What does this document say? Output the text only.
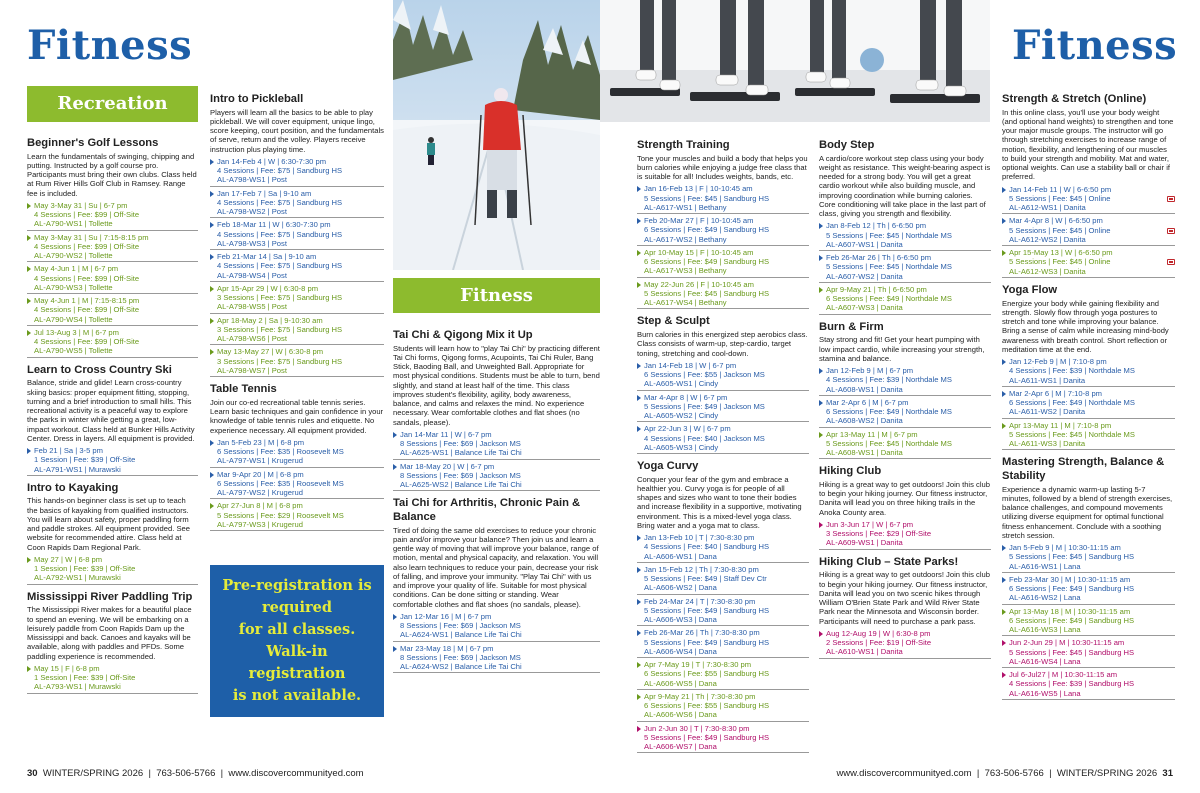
Fitness
Recreation
Beginner's Golf Lessons

Learn the fundamentals of swinging, chipping and putting. Instructed by a golf course pro. Participants must bring their own clubs. Class held at Rum River Hills Golf Club in Ramsey. Range fee is included.

May 3-May 31 | Su | 6-7 pm
4 Sessions | Fee: $99 | Off-Site
AL-A790-WS1 | Tollette
May 3-May 31 | Su | 7:15-8:15 pm
4 Sessions | Fee: $99 | Off-Site
AL-A790-WS2 | Tollette
May 4-Jun 1 | M | 6-7 pm
4 Sessions | Fee: $99 | Off-Site
AL-A790-WS3 | Tollette
May 4-Jun 1 | M | 7:15-8:15 pm
4 Sessions | Fee: $99 | Off-Site
AL-A790-WS4 | Tollette
Jul 13-Aug 3 | M | 6-7 pm
4 Sessions | Fee: $99 | Off-Site
AL-A790-WS5 | Tollette
Learn to Cross Country Ski

Balance, stride and glide! Learn cross-country skiing basics: proper equipment fitting, stopping, turning and a brief introduction to small hills. This recreational activity is a peaceful way to explore the parks in winter while getting a great, low-impact workout. Class held at Bunker Hills Activity Center. Dress in layers. All equipment is provided.

Feb 21 | Sa | 3-5 pm
1 Session | Fee: $39 | Off-Site
AL-A791-WS1 | Murawski
Intro to Kayaking

This hands-on beginner class is set up to teach the basics of kayaking from qualified instructors. You will learn about safety, proper paddling form and paddle strokes. All equipment provided. See website for recommended attire. Class held at Coon Rapids Dam Regional Park.

May 27 | W | 6-8 pm
1 Session | Fee: $39 | Off-Site
AL-A792-WS1 | Murawski
Mississippi River Paddling Trip

The Mississippi River makes for a beautiful place to spend an evening. We will be embarking on a leisurely paddle from Coon Rapids Dam up the Mississippi and back. Canoes and kayaks will be available, along with paddles and PFDs. Some paddling experience is recommended.

May 15 | F | 6-8 pm
1 Session | Fee: $39 | Off-Site
AL-A793-WS1 | Murawski
Intro to Pickleball

Players will learn all the basics to be able to play pickleball. We will cover equipment, unique lingo, score keeping, court position, and the fundamentals of serve, return and the volley. Players receive instruction plus playing time.

Jan 14-Feb 4 | W | 6:30-7:30 pm
4 Sessions | Fee: $75 | Sandburg HS
AL-A798-WS1 | Post
Jan 17-Feb 7 | Sa | 9-10 am
4 Sessions | Fee: $75 | Sandburg HS
AL-A798-WS2 | Post
Feb 18-Mar 11 | W | 6:30-7:30 pm
4 Sessions | Fee: $75 | Sandburg HS
AL-A798-WS3 | Post
Feb 21-Mar 14 | Sa | 9-10 am
4 Sessions | Fee: $75 | Sandburg HS
AL-A798-WS4 | Post
Apr 15-Apr 29 | W | 6:30-8 pm
3 Sessions | Fee: $75 | Sandburg HS
AL-A798-WS5 | Post
Apr 18-May 2 | Sa | 9-10:30 am
3 Sessions | Fee: $75 | Sandburg HS
AL-A798-WS6 | Post
May 13-May 27 | W | 6:30-8 pm
3 Sessions | Fee: $75 | Sandburg HS
AL-A798-WS7 | Post
Table Tennis

Join our co-ed recreational table tennis series. Learn basic techniques and gain confidence in your knowledge of table tennis rules and etiquette. No experience necessary. All equipment provided.

Jan 5-Feb 23 | M | 6-8 pm
6 Sessions | Fee: $35 | Roosevelt MS
AL-A797-WS1 | Krugerud
Mar 9-Apr 20 | M | 6-8 pm
6 Sessions | Fee: $35 | Roosevelt MS
AL-A797-WS2 | Krugerud
Apr 27-Jun 8 | M | 6-8 pm
5 Sessions | Fee: $29 | Roosevelt MS
AL-A797-WS3 | Krugerud
Pre-registration is
required
for all classes.
Walk-in registration
is not available.
Fitness
Tai Chi & Qigong Mix it Up

Students will learn how to "play Tai Chi" by practicing different Tai Chi forms, Qigong forms, Acupoints, Tai Chi Ruler, Bang Stick, Baoding Ball, and Unweighted Ball. Appropriate for most physical conditions. Students must be able to turn, bend slightly, and stand at least half of the time. This class improves student's flexibility, agility, body awareness, balance, and calms and relaxes the mind. No experience necessary. Wear comfortable clothes and flat shoes (no sandals, please).

Jan 14-Mar 11 | W | 6-7 pm
8 Sessions | Fee: $69 | Jackson MS
AL-A625-WS1 | Balance Life Tai Chi
Mar 18-May 20 | W | 6-7 pm
8 Sessions | Fee: $69 | Jackson MS
AL-A625-WS2 | Balance Life Tai Chi
Tai Chi for Arthritis, Chronic Pain & Balance

Tired of doing the same old exercises to reduce your chronic pain and/or improve your balance? Then join us and learn a gentle way of moving that will improve your balance, range of motion, mental and physical capacity, and relaxation. You will also learn techniques to reduce your pain, decrease your risk of falling, and improve your immunity. "Play Tai Chi" with us and improve your quality of life. Suitable for most physical conditions. Can be done sitting or standing. Wear comfortable clothes and flat shoes (no sandals, please).

Jan 12-Mar 16 | M | 6-7 pm
8 Sessions | Fee: $69 | Jackson MS
AL-A624-WS1 | Balance Life Tai Chi
Mar 23-May 18 | M | 6-7 pm
8 Sessions | Fee: $69 | Jackson MS
AL-A624-WS2 | Balance Life Tai Chi
30 WINTER/SPRING 2026 | 763-506-5766 | www.discovercommunityed.com
Fitness
Strength Training

Tone your muscles and build a body that helps you burn calories while enjoying a judge free class that is suitable for all! Includes weights, bands, etc.

Jan 16-Feb 13 | F | 10-10:45 am
5 Sessions | Fee: $45 | Sandburg HS
AL-A617-WS1 | Bethany
Feb 20-Mar 27 | F | 10-10:45 am
6 Sessions | Fee: $49 | Sandburg HS
AL-A617-WS2 | Bethany
Apr 10-May 15 | F | 10-10:45 am
6 Sessions | Fee: $49 | Sandburg HS
AL-A617-WS3 | Bethany
May 22-Jun 26 | F | 10-10:45 am
5 Sessions | Fee: $45 | Sandburg HS
AL-A617-WS4 | Bethany
Step & Sculpt

Burn calories in this energized step aerobics class. Class consists of warm-up, step-cardio, target toning, stretching and cool-down.

Jan 14-Feb 18 | W | 6-7 pm
6 Sessions | Fee: $55 | Jackson MS
AL-A605-WS1 | Cindy
Mar 4-Apr 8 | W | 6-7 pm
5 Sessions | Fee: $49 | Jackson MS
AL-A605-WS2 | Cindy
Apr 22-Jun 3 | W | 6-7 pm
4 Sessions | Fee: $40 | Jackson MS
AL-A605-WS3 | Cindy
Yoga Curvy

Conquer your fear of the gym and embrace a healthier you. Curvy yoga is for people of all shapes and sizes who want to tone their bodies and increase flexibility in a supportive, motivating environment. This is a mixed-level yoga class. Bring water and a yoga mat to class.

Jan 13-Feb 10 | T | 7:30-8:30 pm
4 Sessions | Fee: $40 | Sandburg HS
AL-A606-WS1 | Dana
Jan 15-Feb 12 | Th | 7:30-8:30 pm
5 Sessions | Fee: $49 | Staff Dev Ctr
AL-A606-WS2 | Dana
Feb 24-Mar 24 | T | 7:30-8:30 pm
5 Sessions | Fee: $49 | Sandburg HS
AL-A606-WS3 | Dana
Feb 26-Mar 26 | Th | 7:30-8:30 pm
5 Sessions | Fee: $49 | Sandburg HS
AL-A606-WS4 | Dana
Apr 7-May 19 | T | 7:30-8:30 pm
6 Sessions | Fee: $55 | Sandburg HS
AL-A606-WS5 | Dana
Apr 9-May 21 | Th | 7:30-8:30 pm
6 Sessions | Fee: $55 | Sandburg HS
AL-A606-WS6 | Dana
Jun 2-Jun 30 | T | 7:30-8:30 pm
5 Sessions | Fee: $49 | Sandburg HS
AL-A606-WS7 | Dana
Body Step

A cardio/core workout step class using your body weight as resistance. This weight-bearing aspect is needed for a strong body. You will get a great cardio workout while also building muscle, and improving coordination while burning calories. Core conditioning will take place in the last part of class, giving you strength and flexibility.

Jan 8-Feb 12 | Th | 6-6:50 pm
5 Sessions | Fee: $45 | Northdale MS
AL-A607-WS1 | Danita
Feb 26-Mar 26 | Th | 6-6:50 pm
5 Sessions | Fee: $45 | Northdale MS
AL-A607-WS2 | Danita
Apr 9-May 21 | Th | 6-6:50 pm
6 Sessions | Fee: $49 | Northdale MS
AL-A607-WS3 | Danita
Burn & Firm

Stay strong and fit! Get your heart pumping with low impact cardio, while increasing your strength, stamina and balance.

Jan 12-Feb 9 | M | 6-7 pm
4 Sessions | Fee: $39 | Northdale MS
AL-A608-WS1 | Danita
Mar 2-Apr 6 | M | 6-7 pm
6 Sessions | Fee: $49 | Northdale MS
AL-A608-WS2 | Danita
Apr 13-May 11 | M | 6-7 pm
5 Sessions | Fee: $45 | Northdale MS
AL-A608-WS1 | Danita
Hiking Club

Hiking is a great way to get outdoors! Join this club to begin your hiking journey. Our fitness instructor, Danita will lead you on three hiking trails in the Anoka County area.

Jun 3-Jun 17 | W | 6-7 pm
3 Sessions | Fee: $29 | Off-Site
AL-A609-WS1 | Danita
Hiking Club – State Parks!

Hiking is a great way to get outdoors! Join this club to begin your hiking journey. Our fitness instructor, Danita will lead you on two scenic hikes through William O'Brien State Park and Wild River State Park near the Minnesota and Wisconsin border. Participants will need to purchase a park pass.

Aug 12-Aug 19 | W | 6:30-8 pm
2 Sessions | Fee: $19 | Off-Site
AL-A610-WS1 | Danita
Strength & Stretch (Online)

In this online class, you'll use your body weight (and optional hand weights) to strengthen and tone your major muscle groups. The instructor will go through stretching exercises to increase range of motion, flexibility, and lengthening of our muscles to build your strength and mobility. Mat and water, optional weights. Can use a stability ball or chair if preferred.

Jan 14-Feb 11 | W | 6-6:50 pm
5 Sessions | Fee: $45 | Online
AL-A612-WS1 | Danita
Mar 4-Apr 8 | W | 6-6:50 pm
5 Sessions | Fee: $45 | Online
AL-A612-WS2 | Danita
Apr 15-May 13 | W | 6-6:50 pm
5 Sessions | Fee: $45 | Online
AL-A612-WS3 | Danita
Yoga Flow

Energize your body while gaining flexibility and strength. Slowly flow through yoga postures to stretch and tone while improving your balance. Bring a sense of calm while increasing mind-body awareness with breath control. Short reflection or meditation time at the end.

Jan 12-Feb 9 | M | 7:10-8 pm
4 Sessions | Fee: $39 | Northdale MS
AL-A611-WS1 | Danita
Mar 2-Apr 6 | M | 7:10-8 pm
6 Sessions | Fee: $49 | Northdale MS
AL-A611-WS2 | Danita
Apr 13-May 11 | M | 7:10-8 pm
5 Sessions | Fee: $45 | Northdale MS
AL-A611-WS3 | Danita
Mastering Strength, Balance & Stability

Experience a dynamic warm-up lasting 5-7 minutes, followed by a blend of strength exercises, balance challenges, and compound movements utilizing diverse equipment for optimal functional fitness enhancement. Conclude with a soothing stretch session.

Jan 5-Feb 9 | M | 10:30-11:15 am
5 Sessions | Fee: $45 | Sandburg HS
AL-A616-WS1 | Lana
Feb 23-Mar 30 | M | 10:30-11:15 am
6 Sessions | Fee: $49 | Sandburg HS
AL-A616-WS2 | Lana
Apr 13-May 18 | M | 10:30-11:15 am
6 Sessions | Fee: $49 | Sandburg HS
AL-A616-WS3 | Lana
Jun 2-Jun 29 | M | 10:30-11:15 am
5 Sessions | Fee: $45 | Sandburg HS
AL-A616-WS4 | Lana
Jul 6-Jul27 | M | 10:30-11:15 am
4 Sessions | Fee: $39 | Sandburg HS
AL-A616-WS5 | Lana
www.discovercommunityed.com | 763-506-5766 | WINTER/SPRING 2026 31
